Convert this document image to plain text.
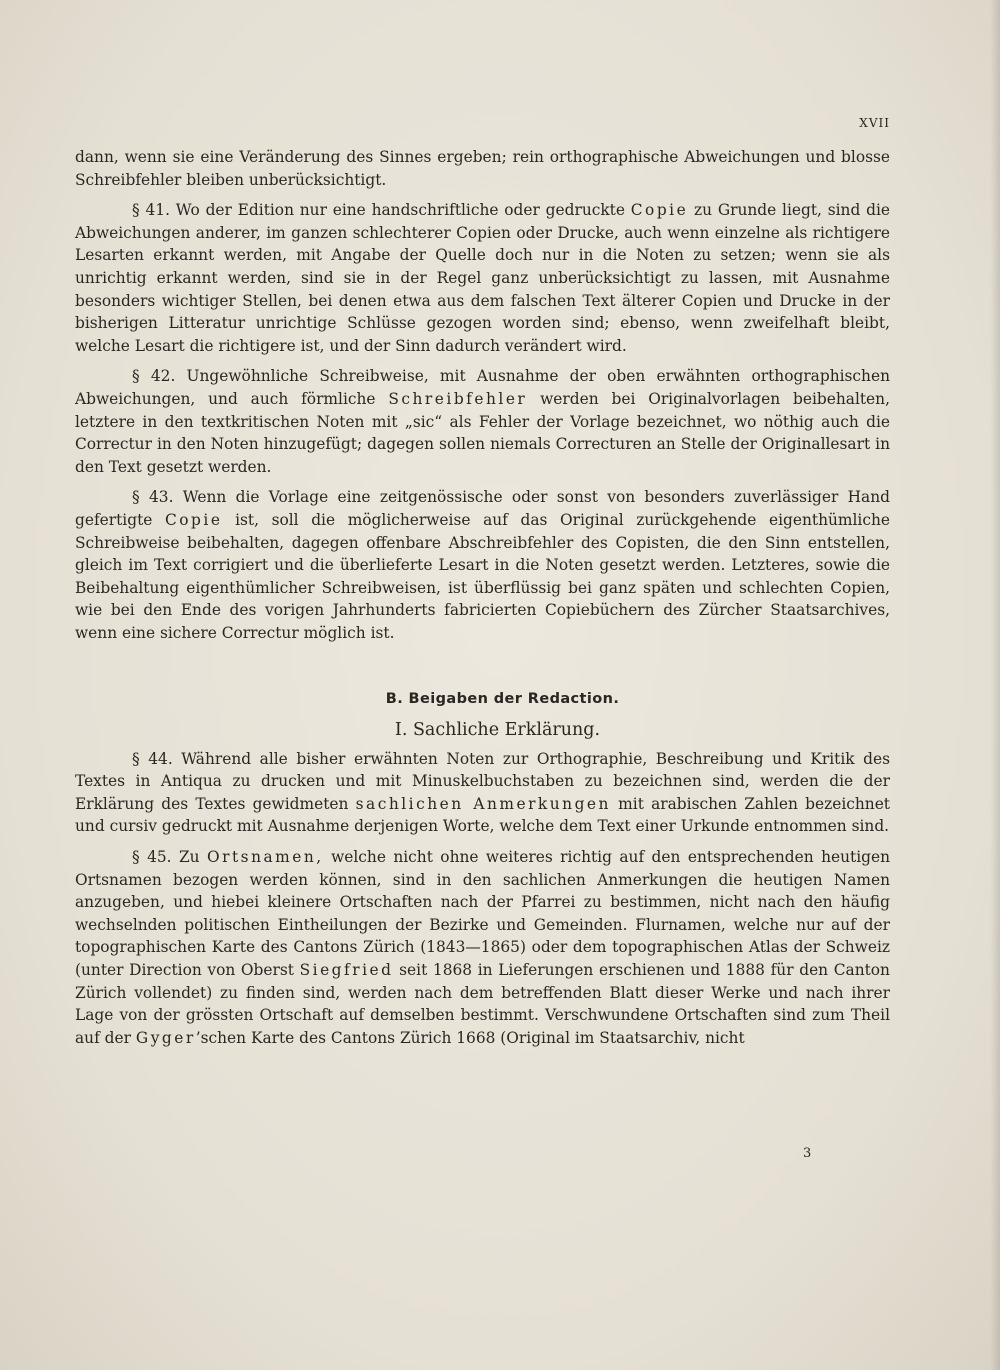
XVII

dann, wenn sie eine Veränderung des Sinnes ergeben; rein orthographische Abweichungen und blosse Schreibfehler bleiben unberücksichtigt.

§ 41. Wo der Edition nur eine handschriftliche oder gedruckte Copie zu Grunde liegt, sind die Abweichungen anderer, im ganzen schlechterer Copien oder Drucke, auch wenn einzelne als richtigere Lesarten erkannt werden, mit Angabe der Quelle doch nur in die Noten zu setzen; wenn sie als unrichtig erkannt werden, sind sie in der Regel ganz unberücksichtigt zu lassen, mit Ausnahme besonders wichtiger Stellen, bei denen etwa aus dem falschen Text älterer Copien und Drucke in der bisherigen Litteratur unrichtige Schlüsse gezogen worden sind; ebenso, wenn zweifelhaft bleibt, welche Lesart die richtigere ist, und der Sinn dadurch verändert wird.

§ 42. Ungewöhnliche Schreibweise, mit Ausnahme der oben erwähnten orthographischen Abweichungen, und auch förmliche Schreibfehler werden bei Originalvorlagen beibehalten, letztere in den textkritischen Noten mit „sic“ als Fehler der Vorlage bezeichnet, wo nöthig auch die Correctur in den Noten hinzugefügt; dagegen sollen niemals Correcturen an Stelle der Originallesart in den Text gesetzt werden.

§ 43. Wenn die Vorlage eine zeitgenössische oder sonst von besonders zuverlässiger Hand gefertigte Copie ist, soll die möglicherweise auf das Original zurückgehende eigenthümliche Schreibweise beibehalten, dagegen offenbare Abschreibfehler des Copisten, die den Sinn entstellen, gleich im Text corrigiert und die überlieferte Lesart in die Noten gesetzt werden. Letzteres, sowie die Beibehaltung eigenthümlicher Schreibweisen, ist überflüssig bei ganz späten und schlechten Copien, wie bei den Ende des vorigen Jahrhunderts fabricierten Copiebüchern des Zürcher Staatsarchives, wenn eine sichere Correctur möglich ist.

B. Beigaben der Redaction.
I. Sachliche Erklärung.

§ 44. Während alle bisher erwähnten Noten zur Orthographie, Beschreibung und Kritik des Textes in Antiqua zu drucken und mit Minuskelbuchstaben zu bezeichnen sind, werden die der Erklärung des Textes gewidmeten sachlichen Anmerkungen mit arabischen Zahlen bezeichnet und cursiv gedruckt mit Ausnahme derjenigen Worte, welche dem Text einer Urkunde entnommen sind.

§ 45. Zu Ortsnamen, welche nicht ohne weiteres richtig auf den entsprechenden heutigen Ortsnamen bezogen werden können, sind in den sachlichen Anmerkungen die heutigen Namen anzugeben, und hiebei kleinere Ortschaften nach der Pfarrei zu bestimmen, nicht nach den häufig wechselnden politischen Eintheilungen der Bezirke und Gemeinden. Flurnamen, welche nur auf der topographischen Karte des Cantons Zürich (1843—1865) oder dem topographischen Atlas der Schweiz (unter Direction von Oberst Siegfried seit 1868 in Lieferungen erschienen und 1888 für den Canton Zürich vollendet) zu finden sind, werden nach dem betreffenden Blatt dieser Werke und nach ihrer Lage von der grössten Ortschaft auf demselben bestimmt. Verschwundene Ortschaften sind zum Theil auf der Gyger’schen Karte des Cantons Zürich 1668 (Original im Staatsarchiv, nicht

3
